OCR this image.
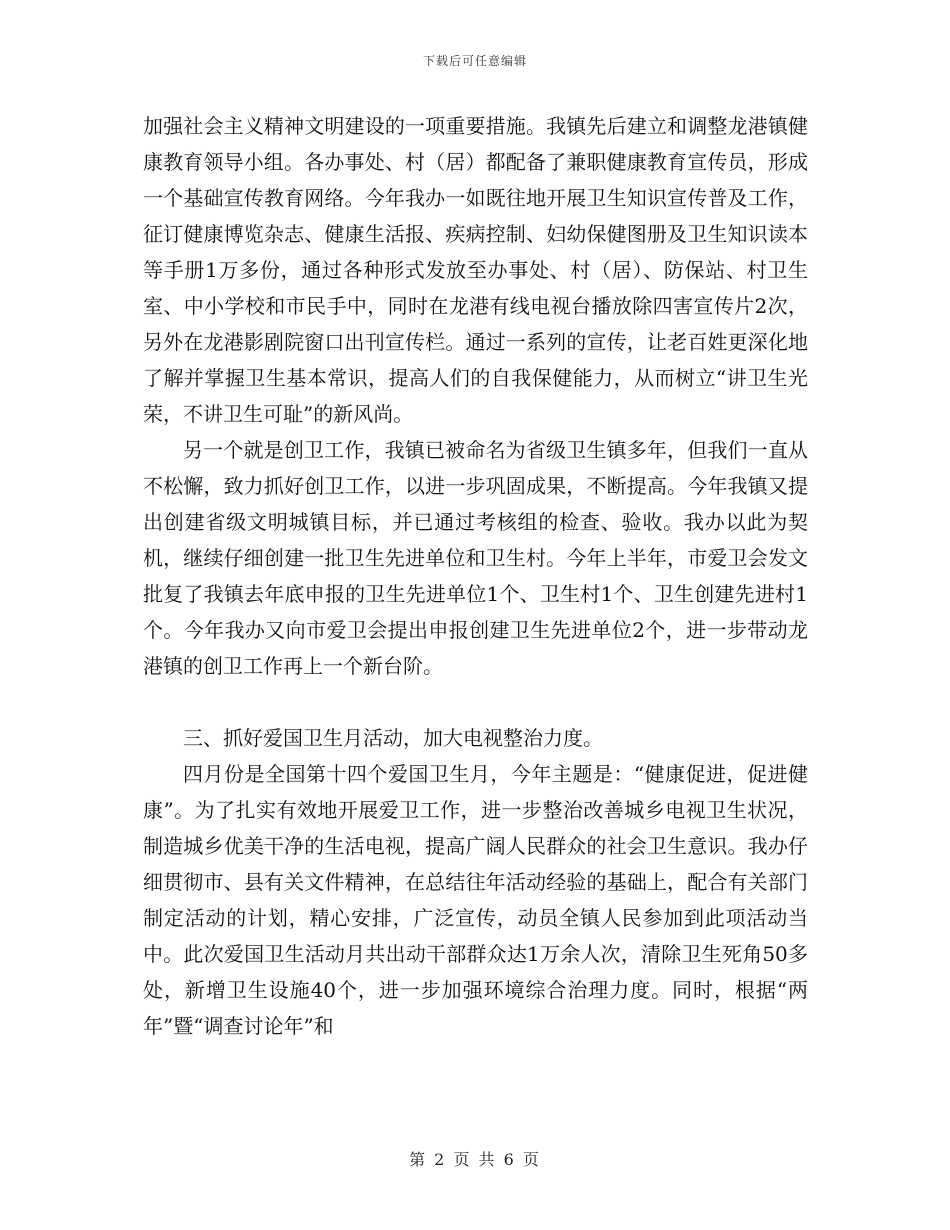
下载后可任意编辑

加强社会主义精神文明建设的一项重要措施。我镇先后建立和调整龙港镇健康教育领导小组。各办事处、村（居）都配备了兼职健康教育宣传员，形成一个基础宣传教育网络。今年我办一如既往地开展卫生知识宣传普及工作，征订健康博览杂志、健康生活报、疾病控制、妇幼保健图册及卫生知识读本等手册1万多份，通过各种形式发放至办事处、村（居）、防保站、村卫生室、中小学校和市民手中，同时在龙港有线电视台播放除四害宣传片2次，另外在龙港影剧院窗口出刊宣传栏。通过一系列的宣传，让老百姓更深化地了解并掌握卫生基本常识，提高人们的自我保健能力，从而树立“讲卫生光荣，不讲卫生可耻”的新风尚。

另一个就是创卫工作，我镇已被命名为省级卫生镇多年，但我们一直从不松懈，致力抓好创卫工作，以进一步巩固成果，不断提高。今年我镇又提出创建省级文明城镇目标，并已通过考核组的检查、验收。我办以此为契机，继续仔细创建一批卫生先进单位和卫生村。今年上半年，市爱卫会发文批复了我镇去年底申报的卫生先进单位1个、卫生村1个、卫生创建先进村1个。今年我办又向市爱卫会提出申报创建卫生先进单位2个，进一步带动龙港镇的创卫工作再上一个新台阶。

三、抓好爱国卫生月活动，加大电视整治力度。

四月份是全国第十四个爱国卫生月，今年主题是：“健康促进，促进健康”。为了扎实有效地开展爱卫工作，进一步整治改善城乡电视卫生状况，制造城乡优美干净的生活电视，提高广阔人民群众的社会卫生意识。我办仔细贯彻市、县有关文件精神，在总结往年活动经验的基础上，配合有关部门制定活动的计划，精心安排，广泛宣传，动员全镇人民参加到此项活动当中。此次爱国卫生活动月共出动干部群众达1万余人次，清除卫生死角50多处，新增卫生设施40个，进一步加强环境综合治理力度。同时，根据“两年”暨“调查讨论年”和

第 2 页 共 6 页
